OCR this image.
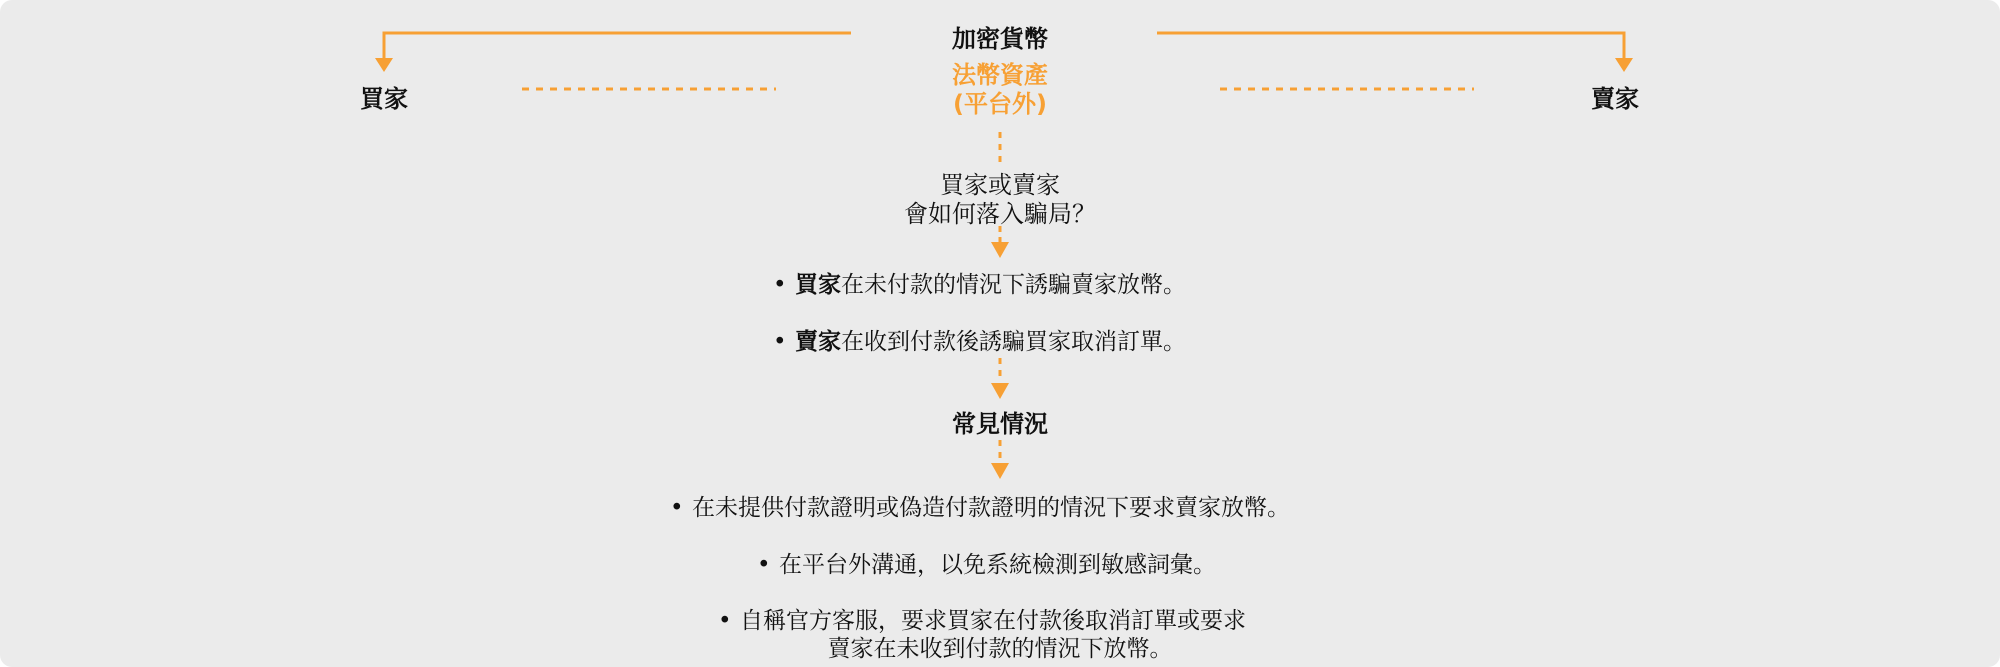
買家	賣家
加密貨幣
法幣資產
(平台外)
買家或賣家
會如何落入騙局？
• 買家在未付款的情況下誘騙賣家放幣。
• 賣家在收到付款後誘騙買家取消訂單。
常見情況
• 在未提供付款證明或偽造付款證明的情況下要求賣家放幣。
• 在平台外溝通，以免系統檢測到敏感詞彙。
• 自稱官方客服，要求買家在付款後取消訂單或要求
賣家在未收到付款的情況下放幣。
